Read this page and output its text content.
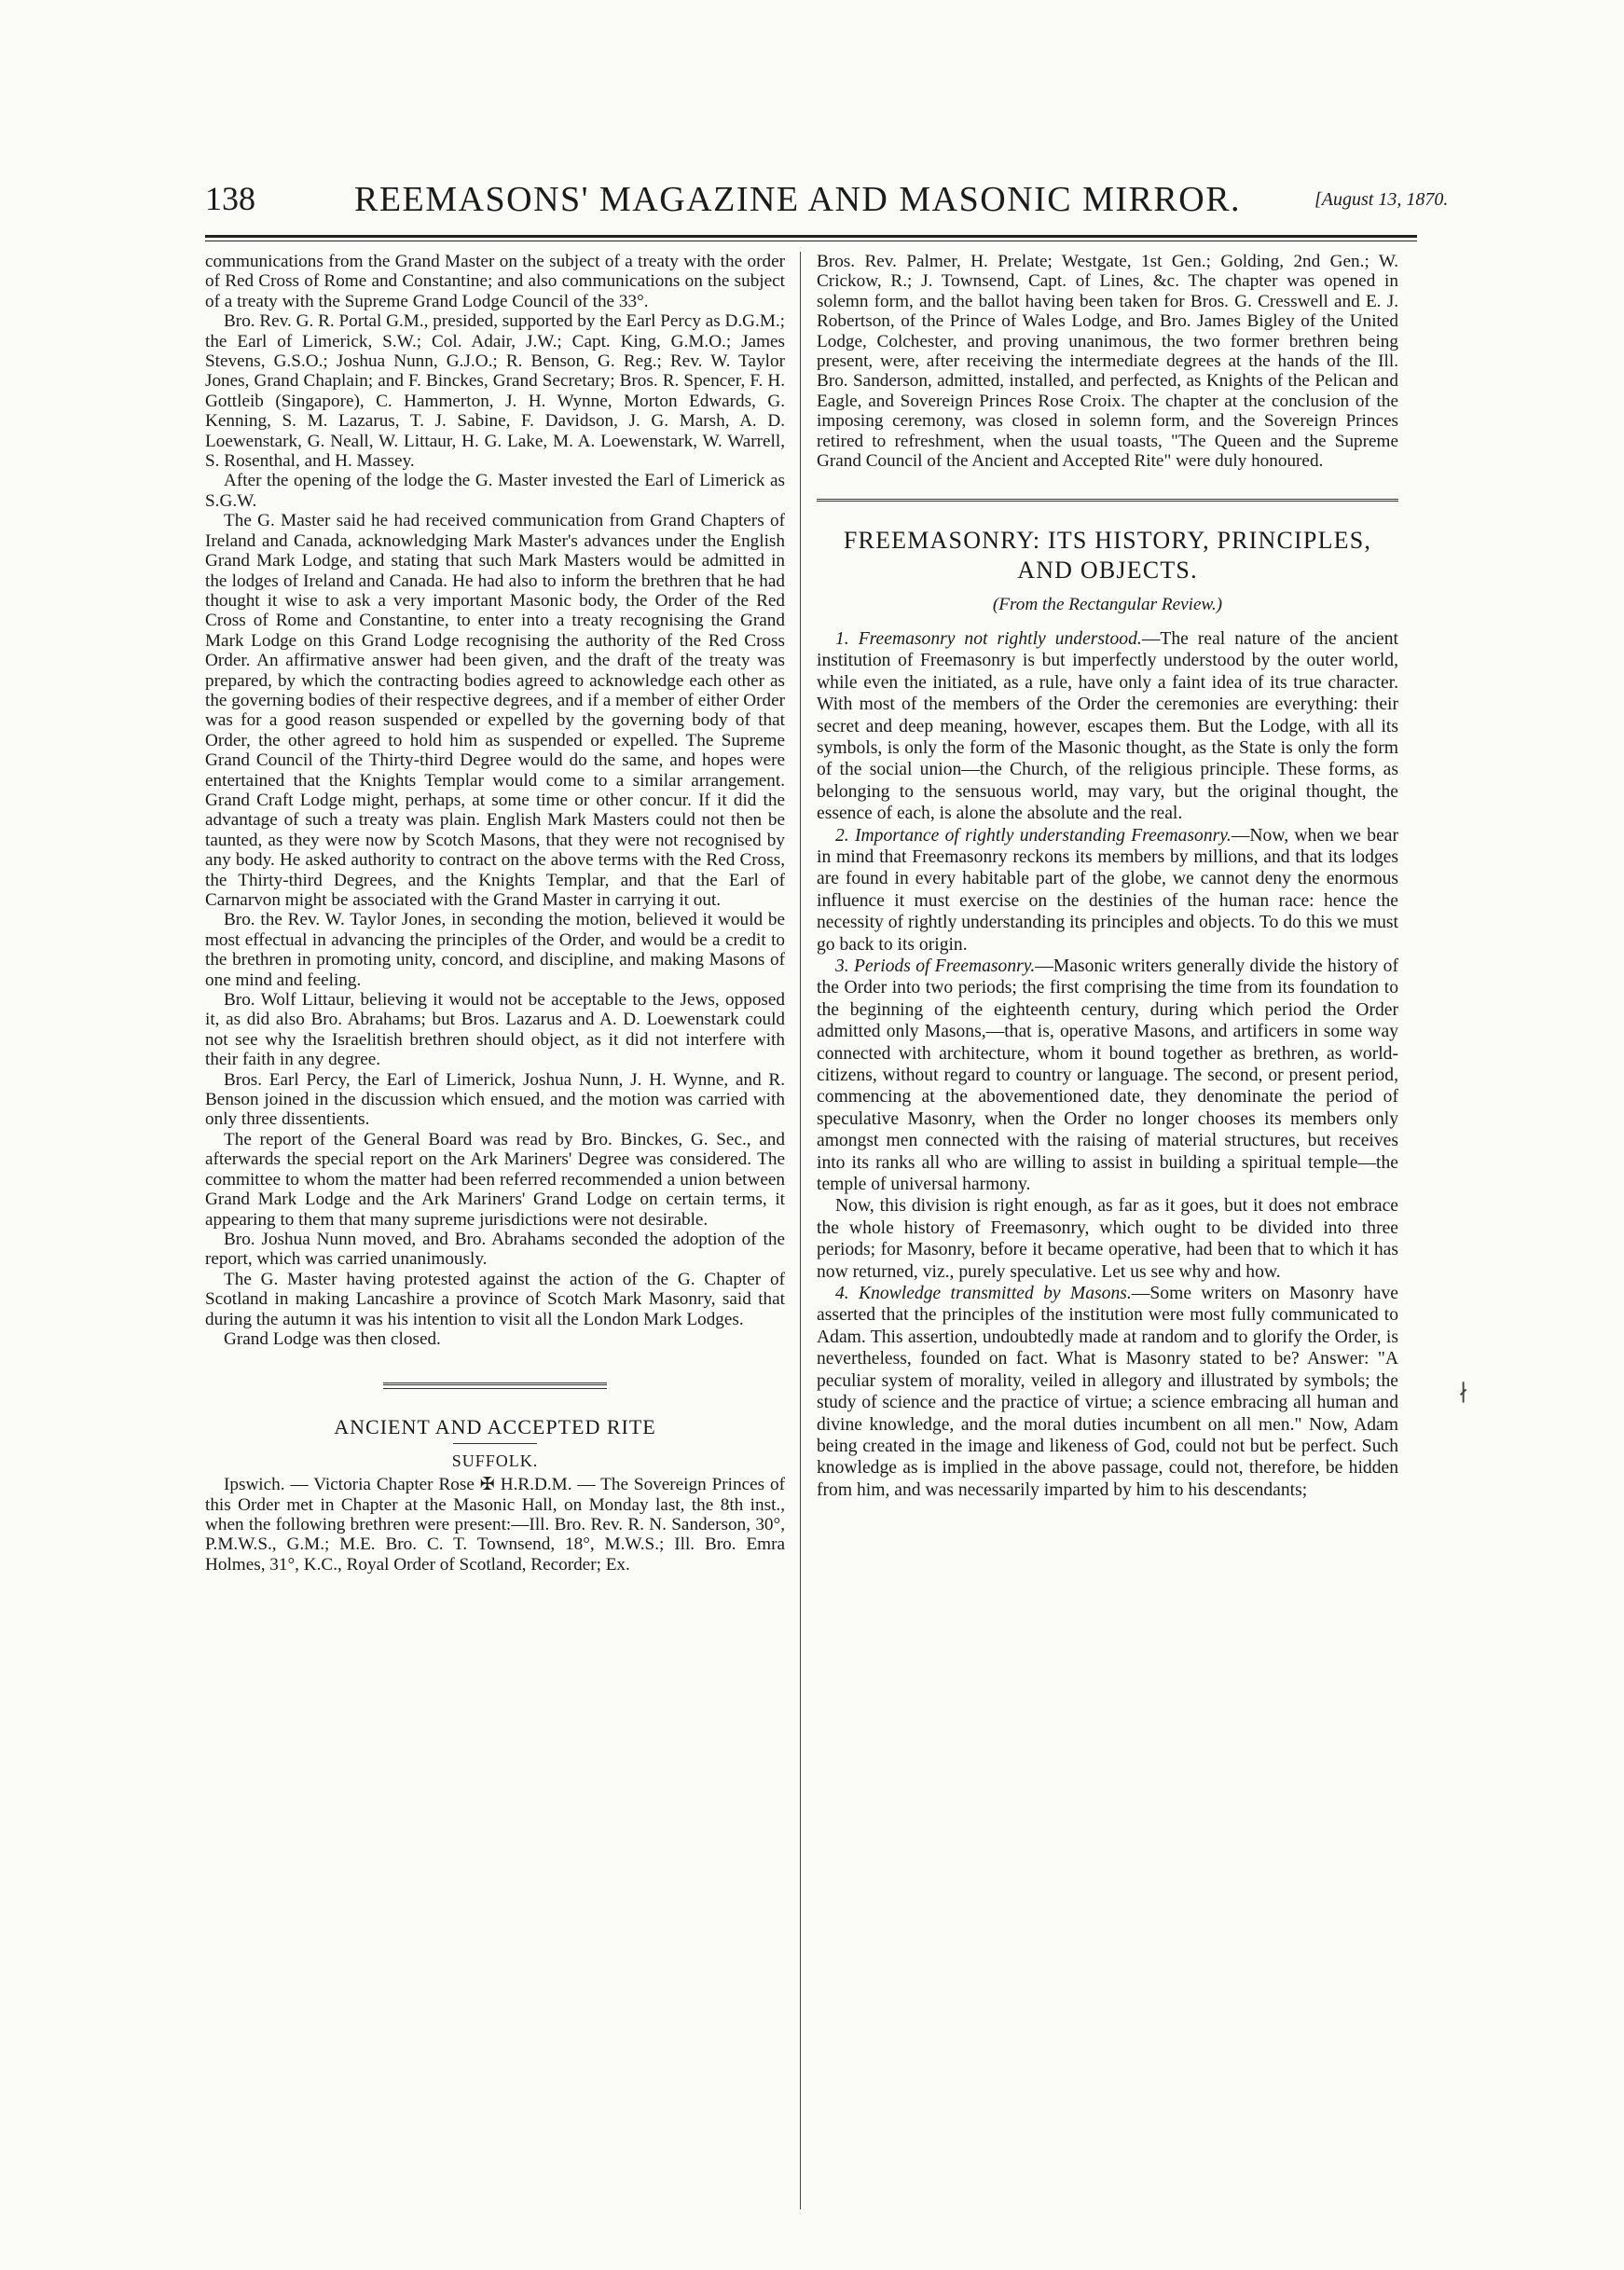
138	REEMASONS' MAGAZINE AND MASONIC MIRROR.	[August 13, 1870.

communications from the Grand Master on the subject of a treaty with the order of Red Cross of Rome and Constantine; and also communications on the subject of a treaty with the Supreme Grand Lodge Council of the 33°.

Bro. Rev. G. R. Portal G.M., presided, supported by the Earl Percy as D.G.M.; the Earl of Limerick, S.W.; Col. Adair, J.W.; Capt. King, G.M.O.; James Stevens, G.S.O.; Joshua Nunn, G.J.O.; R. Benson, G. Reg.; Rev. W. Taylor Jones, Grand Chaplain; and F. Binckes, Grand Secretary; Bros. R. Spencer, F. H. Gottleib (Singapore), C. Hammerton, J. H. Wynne, Morton Edwards, G. Kenning, S. M. Lazarus, T. J. Sabine, F. Davidson, J. G. Marsh, A. D. Loewenstark, G. Neall, W. Littaur, H. G. Lake, M. A. Loewenstark, W. Warrell, S. Rosenthal, and H. Massey.

After the opening of the lodge the G. Master invested the Earl of Limerick as S.G.W.

The G. Master said he had received communication from Grand Chapters of Ireland and Canada, acknowledging Mark Master's advances under the English Grand Mark Lodge, and stating that such Mark Masters would be admitted in the lodges of Ireland and Canada. He had also to inform the brethren that he had thought it wise to ask a very important Masonic body, the Order of the Red Cross of Rome and Constantine, to enter into a treaty recognising the Grand Mark Lodge on this Grand Lodge recognising the authority of the Red Cross Order. An affirmative answer had been given, and the draft of the treaty was prepared, by which the contracting bodies agreed to acknowledge each other as the governing bodies of their respective degrees, and if a member of either Order was for a good reason suspended or expelled by the governing body of that Order, the other agreed to hold him as suspended or expelled. The Supreme Grand Council of the Thirty-third Degree would do the same, and hopes were entertained that the Knights Templar would come to a similar arrangement. Grand Craft Lodge might, perhaps, at some time or other concur. If it did the advantage of such a treaty was plain. English Mark Masters could not then be taunted, as they were now by Scotch Masons, that they were not recognised by any body. He asked authority to contract on the above terms with the Red Cross, the Thirty-third Degrees, and the Knights Templar, and that the Earl of Carnarvon might be associated with the Grand Master in carrying it out.

Bro. the Rev. W. Taylor Jones, in seconding the motion, believed it would be most effectual in advancing the principles of the Order, and would be a credit to the brethren in promoting unity, concord, and discipline, and making Masons of one mind and feeling.

Bro. Wolf Littaur, believing it would not be acceptable to the Jews, opposed it, as did also Bro. Abrahams; but Bros. Lazarus and A. D. Loewenstark could not see why the Israelitish brethren should object, as it did not interfere with their faith in any degree.

Bros. Earl Percy, the Earl of Limerick, Joshua Nunn, J. H. Wynne, and R. Benson joined in the discussion which ensued, and the motion was carried with only three dissentients.

The report of the General Board was read by Bro. Binckes, G. Sec., and afterwards the special report on the Ark Mariners' Degree was considered. The committee to whom the matter had been referred recommended a union between Grand Mark Lodge and the Ark Mariners' Grand Lodge on certain terms, it appearing to them that many supreme jurisdictions were not desirable.

Bro. Joshua Nunn moved, and Bro. Abrahams seconded the adoption of the report, which was carried unanimously.

The G. Master having protested against the action of the G. Chapter of Scotland in making Lancashire a province of Scotch Mark Masonry, said that during the autumn it was his intention to visit all the London Mark Lodges.

Grand Lodge was then closed.

ANCIENT AND ACCEPTED RITE
SUFFOLK.

Ipswich. — Victoria Chapter Rose ✠ H.R.D.M. — The Sovereign Princes of this Order met in Chapter at the Masonic Hall, on Monday last, the 8th inst., when the following brethren were present:—Ill. Bro. Rev. R. N. Sanderson, 30°, P.M.W.S., G.M.; M.E. Bro. C. T. Townsend, 18°, M.W.S.; Ill. Bro. Emra Holmes, 31°, K.C., Royal Order of Scotland, Recorder; Ex.

Bros. Rev. Palmer, H. Prelate; Westgate, 1st Gen.; Golding, 2nd Gen.; W. Crickow, R.; J. Townsend, Capt. of Lines, &c. The chapter was opened in solemn form, and the ballot having been taken for Bros. G. Cresswell and E. J. Robertson, of the Prince of Wales Lodge, and Bro. James Bigley of the United Lodge, Colchester, and proving unanimous, the two former brethren being present, were, after receiving the intermediate degrees at the hands of the Ill. Bro. Sanderson, admitted, installed, and perfected, as Knights of the Pelican and Eagle, and Sovereign Princes Rose Croix. The chapter at the conclusion of the imposing ceremony, was closed in solemn form, and the Sovereign Princes retired to refreshment, when the usual toasts, "The Queen and the Supreme Grand Council of the Ancient and Accepted Rite" were duly honoured.

FREEMASONRY: ITS HISTORY, PRINCIPLES, AND OBJECTS.
(From the Rectangular Review.)

1. Freemasonry not rightly understood.—The real nature of the ancient institution of Freemasonry is but imperfectly understood by the outer world, while even the initiated, as a rule, have only a faint idea of its true character. With most of the members of the Order the ceremonies are everything: their secret and deep meaning, however, escapes them. But the Lodge, with all its symbols, is only the form of the Masonic thought, as the State is only the form of the social union—the Church, of the religious principle. These forms, as belonging to the sensuous world, may vary, but the original thought, the essence of each, is alone the absolute and the real.

2. Importance of rightly understanding Freemasonry.—Now, when we bear in mind that Freemasonry reckons its members by millions, and that its lodges are found in every habitable part of the globe, we cannot deny the enormous influence it must exercise on the destinies of the human race: hence the necessity of rightly understanding its principles and objects. To do this we must go back to its origin.

3. Periods of Freemasonry.—Masonic writers generally divide the history of the Order into two periods; the first comprising the time from its foundation to the beginning of the eighteenth century, during which period the Order admitted only Masons,—that is, operative Masons, and artificers in some way connected with architecture, whom it bound together as brethren, as world-citizens, without regard to country or language. The second, or present period, commencing at the abovementioned date, they denominate the period of speculative Masonry, when the Order no longer chooses its members only amongst men connected with the raising of material structures, but receives into its ranks all who are willing to assist in building a spiritual temple—the temple of universal harmony.

Now, this division is right enough, as far as it goes, but it does not embrace the whole history of Freemasonry, which ought to be divided into three periods; for Masonry, before it became operative, had been that to which it has now returned, viz., purely speculative. Let us see why and how.

4. Knowledge transmitted by Masons.—Some writers on Masonry have asserted that the principles of the institution were most fully communicated to Adam. This assertion, undoubtedly made at random and to glorify the Order, is nevertheless, founded on fact. What is Masonry stated to be? Answer: "A peculiar system of morality, veiled in allegory and illustrated by symbols; the study of science and the practice of virtue; a science embracing all human and divine knowledge, and the moral duties incumbent on all men." Now, Adam being created in the image and likeness of God, could not but be perfect. Such knowledge as is implied in the above passage, could not, therefore, be hidden from him, and was necessarily imparted by him to his descendants;

∤
